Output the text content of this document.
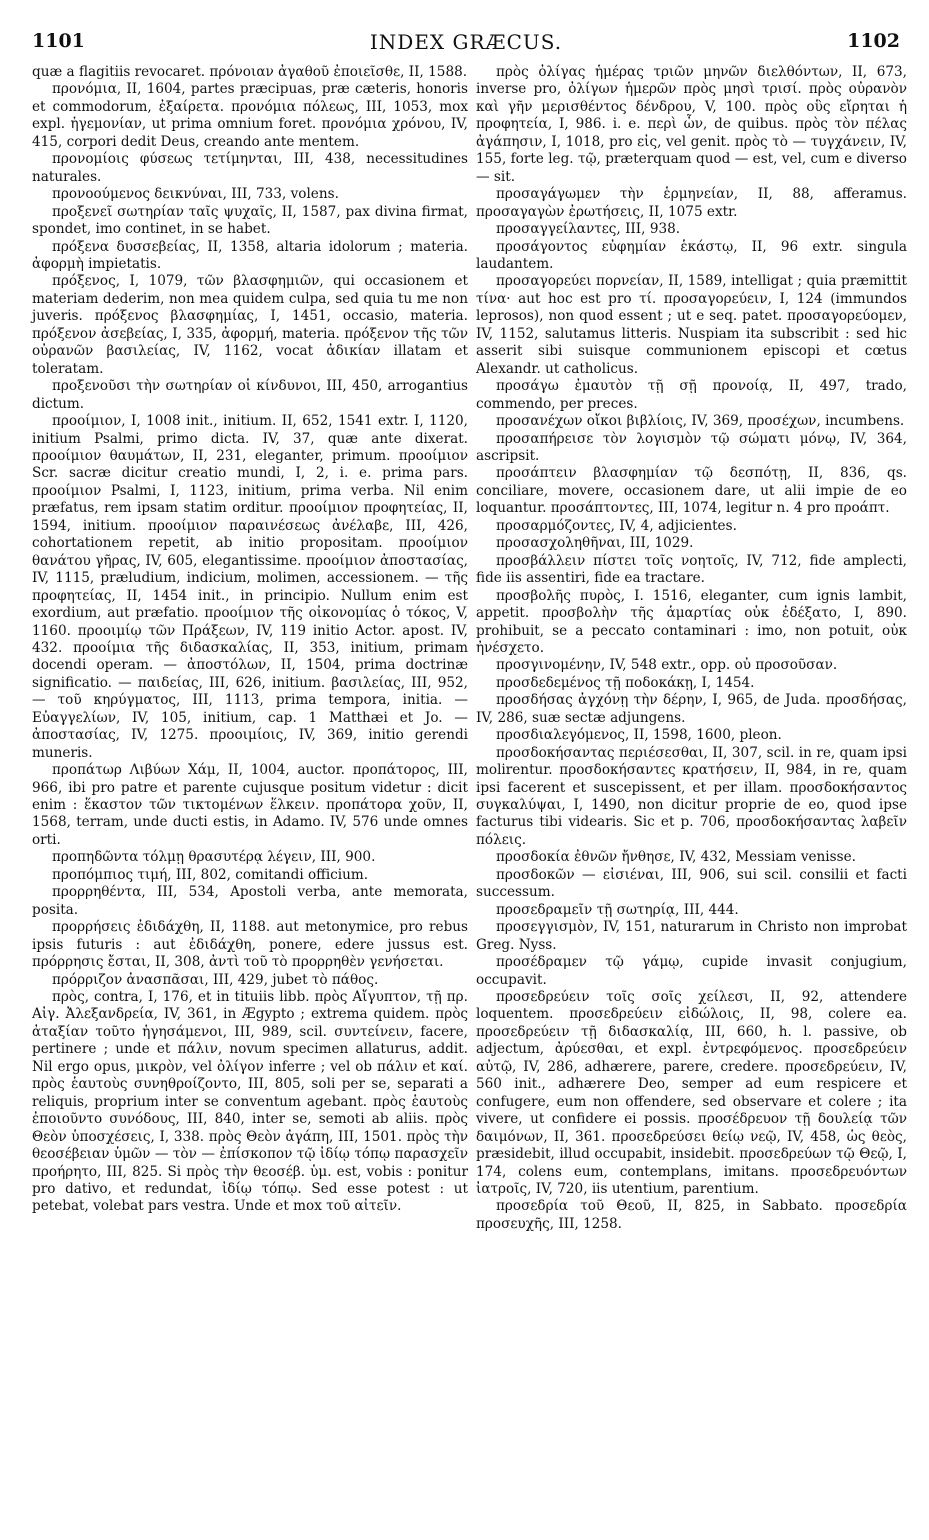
1101	INDEX GRÆCUS.	1102

quæ a flagitiis revocaret. πρόνοιαν ἀγαθοῦ ἐποιεῖσθε, II, 1588.

προνόμια, II, 1604, partes præcipuas, præ cæteris, honoris et commodorum, ἐξαίρετα. προνόμια πόλεως, III, 1053, mox expl. ἡγεμονίαν, ut prima omnium foret. προνόμια χρόνου, IV, 415, corpori dedit Deus, creando ante mentem.

προνομίοις φύσεως τετίμηνται, III, 438, necessitudines naturales.

προνοούμενος δεικνύναι, III, 733, volens.

προξενεῖ σωτηρίαν ταῖς ψυχαῖς, II, 1587, pax divina firmat, spondet, imo continet, in se habet.

πρόξενα δυσσεβείας, II, 1358, altaria idolorum ; materia. ἀφορμὴ impietatis.

πρόξενος, I, 1079, τῶν βλασφημιῶν, qui occasionem et materiam dederim, non mea quidem culpa, sed quia tu me non juveris. πρόξενος βλασφημίας, I, 1451, occasio, materia. πρόξενον ἀσεβείας, I, 335, ἀφορμή, materia. πρόξενον τῆς τῶν οὐρανῶν βασιλείας, IV, 1162, vocat ἀδικίαν illatam et toleratam.

προξενοῦσι τὴν σωτηρίαν οἱ κίνδυνοι, III, 450, arrogantius dictum.

προοίμιον, I, 1008 init., initium. II, 652, 1541 extr. I, 1120, initium Psalmi, primo dicta. IV, 37, quæ ante dixerat. προοίμιον θαυμάτων, II, 231, eleganter, primum. προοίμιον Scr. sacræ dicitur creatio mundi, I, 2, i. e. prima pars. προοίμιον Psalmi, I, 1123, initium, prima verba. Nil enim præfatus, rem ipsam statim orditur. προοίμιον προφητείας, II, 1594, initium. προοίμιον παραινέσεως ἀνέλαβε, III, 426, cohortationem repetit, ab initio propositam. προοίμιον θανάτου γῆρας, IV, 605, elegantissime. προοίμιον ἀποστασίας, IV, 1115, præludium, indicium, molimen, accessionem. — τῆς προφητείας, II, 1454 init., in principio. Nullum enim est exordium, aut præfatio. προοίμιον τῆς οἰκονομίας ὁ τόκος, V, 1160. προοιμίῳ τῶν Πράξεων, IV, 119 initio Actor. apost. IV, 432. προοίμια τῆς διδασκαλίας, II, 353, initium, primam docendi operam. — ἀποστόλων, II, 1504, prima doctrinæ significatio. — παιδείας, III, 626, initium. βασιλείας, III, 952, — τοῦ κηρύγματος, III, 1113, prima tempora, initia. — Εὐαγγελίων, IV, 105, initium, cap. 1 Matthæi et Jo. — ἀποστασίας, IV, 1275. προοιμίοις, IV, 369, initio gerendi muneris.

προπάτωρ Λιβύων Χάμ, II, 1004, auctor. προπάτορος, III, 966, ibi pro patre et parente cujusque positum videtur : dicit enim : ἕκαστον τῶν τικτομένων ἕλκειν. προπάτορα χοῦν, II, 1568, terram, unde ducti estis, in Adamo. IV, 576 unde omnes orti.

προπηδῶντα τόλμῃ θρασυτέρᾳ λέγειν, III, 900.

προπόμπιος τιμή, III, 802, comitandi officium.

προρρηθέντα, III, 534, Apostoli verba, ante memorata, posita.

προρρήσεις ἐδιδάχθη, II, 1188. aut metonymice, pro rebus ipsis futuris : aut ἐδιδάχθη, ponere, edere jussus est. πρόρρησις ἔσται, II, 308, ἀντὶ τοῦ τὸ προρρηθὲν γενήσεται.

πρόρριζον ἀνασπᾶσαι, III, 429, jubet τὸ πάθος.

πρὸς, contra, I, 176, et in tituiis libb. πρὸς Αἴγυπτον, τῇ πρ. Αἰγ. Ἀλεξανδρεία, IV, 361, in Ægypto ; extrema quidem. πρὸς ἀταξίαν τοῦτο ἡγησάμενοι, III, 989, scil. συντείνειν, facere, pertinere ; unde et πάλιν, novum specimen allaturus, addit. Nil ergo opus, μικρὸν, vel ὀλίγον inferre ; vel ob πάλιν et καί. πρὸς ἑαυτοὺς συνηθροίζοντο, III, 805, soli per se, separati a reliquis, proprium inter se conventum agebant. πρὸς ἑαυτοὺς ἐποιοῦντο συνόδους, III, 840, inter se, semoti ab aliis. πρὸς Θεὸν ὑποσχέσεις, I, 338. πρὸς Θεὸν ἀγάπη, III, 1501. πρὸς τὴν θεοσέβειαν ὑμῶν — τὸν — ἐπίσκοπον τῷ ἰδίῳ τόπῳ παρασχεῖν προήρητο, III, 825. Si πρὸς τὴν θεοσέβ. ὑμ. est, vobis : ponitur pro dativo, et redundat, ἰδίῳ τόπῳ. Sed esse potest : ut petebat, volebat pars vestra. Unde et mox τοῦ αἰτεῖν.

πρὸς ὀλίγας ἡμέρας τριῶν μηνῶν διελθόντων, II, 673, inverse pro, ὀλίγων ἡμερῶν πρὸς μησὶ τρισί. πρὸς οὐρανὸν καὶ γῆν μερισθέντος δένδρου, V, 100. πρὸς οὓς εἴρηται ἡ προφητεία, I, 986. i. e. περὶ ὧν, de quibus. πρὸς τὸν πέλας ἀγάπησιν, I, 1018, pro εἰς, vel genit. πρὸς τὸ — τυγχάνειν, IV, 155, forte leg. τῷ, præterquam quod — est, vel, cum e diverso — sit.

προσαγάγωμεν τὴν ἑρμηνείαν, II, 88, afferamus. προσαγαγὼν ἐρωτήσεις, II, 1075 extr.

προσαγγείλαντες, III, 938.

προσάγοντος εὐφημίαν ἑκάστῳ, II, 96 extr. singula laudantem.

προσαγορεύει πορνείαν, II, 1589, intelligat ; quia præmittit τίνα· aut hoc est pro τί. προσαγορεύειν, I, 124 (immundos leprosos), non quod essent ; ut e seq. patet. προσαγορεύομεν, IV, 1152, salutamus litteris. Nuspiam ita subscribit : sed hic asserit sibi suisque communionem episcopi et cœtus Alexandr. ut catholicus.

προσάγω ἐμαυτὸν τῇ σῇ προνοίᾳ, II, 497, trado, commendo, per preces.

προσανέχων οἴκοι βιβλίοις, IV, 369, προσέχων, incumbens.

προσαπήρεισε τὸν λογισμὸν τῷ σώματι μόνῳ, IV, 364, ascripsit.

προσάπτειν βλασφημίαν τῷ δεσπότῃ, II, 836, qs. conciliare, movere, occasionem dare, ut alii impie de eo loquantur. προσάπτοντες, III, 1074, legitur n. 4 pro προάπτ.

προσαρμόζοντες, IV, 4, adjicientes.

προσασχοληθῆναι, III, 1029.

προσβάλλειν πίστει τοῖς νοητοῖς, IV, 712, fide amplecti, fide iis assentiri, fide ea tractare.

προσβολῆς πυρὸς, I. 1516, eleganter, cum ignis lambit, appetit. προσβολὴν τῆς ἁμαρτίας οὐκ ἐδέξατο, I, 890. prohibuit, se a peccato contaminari : imo, non potuit, οὐκ ἠνέσχετο.

προσγινομένην, IV, 548 extr., opp. οὐ προσοῦσαν.

προσδεδεμένος τῇ ποδοκάκῃ, I, 1454.

προσδήσας ἀγχόνῃ τὴν δέρην, I, 965, de Juda. προσδήσας, IV, 286, suæ sectæ adjungens.

προσδιαλεγόμενος, II, 1598, 1600, pleon.

προσδοκήσαντας περιέσεσθαι, II, 307, scil. in re, quam ipsi molirentur. προσδοκήσαντες κρατήσειν, II, 984, in re, quam ipsi facerent et suscepissent, et per illam. προσδοκήσαντος συγκαλύψαι, I, 1490, non dicitur proprie de eo, quod ipse facturus tibi videaris. Sic et p. 706, προσδοκήσαντας λαβεῖν πόλεις.

προσδοκία ἐθνῶν ἤνθησε, IV, 432, Messiam venisse.

προσδοκῶν — εἰσιέναι, III, 906, sui scil. consilii et facti successum.

προσεδραμεῖν τῇ σωτηρίᾳ, III, 444.

προσεγγισμὸν, IV, 151, naturarum in Christo non improbat Greg. Nyss.

προσέδραμεν τῷ γάμῳ, cupide invasit conjugium, occupavit.

προσεδρεύειν τοῖς σοῖς χείλεσι, II, 92, attendere loquentem. προσεδρεύειν εἰδώλοις, II, 98, colere ea. προσεδρεύειν τῇ διδασκαλίᾳ, III, 660, h. l. passive, ob adjectum, ἀρύεσθαι, et expl. ἐντρεφόμενος. προσεδρεύειν αὐτῷ, IV, 286, adhærere, parere, credere. προσεδρεύειν, IV, 560 init., adhærere Deo, semper ad eum respicere et confugere, eum non offendere, sed observare et colere ; ita vivere, ut confidere ei possis. προσέδρευον τῇ δουλείᾳ τῶν δαιμόνων, II, 361. προσεδρεύσει θείῳ νεῷ, IV, 458, ὡς θεὸς, præsidebit, illud occupabit, insidebit. προσεδρεύων τῷ Θεῷ, I, 174, colens eum, contemplans, imitans. προσεδρευόντων ἰατροῖς, IV, 720, iis utentium, parentium.

προσεδρία τοῦ Θεοῦ, II, 825, in Sabbato. προσεδρία προσευχῆς, III, 1258.
